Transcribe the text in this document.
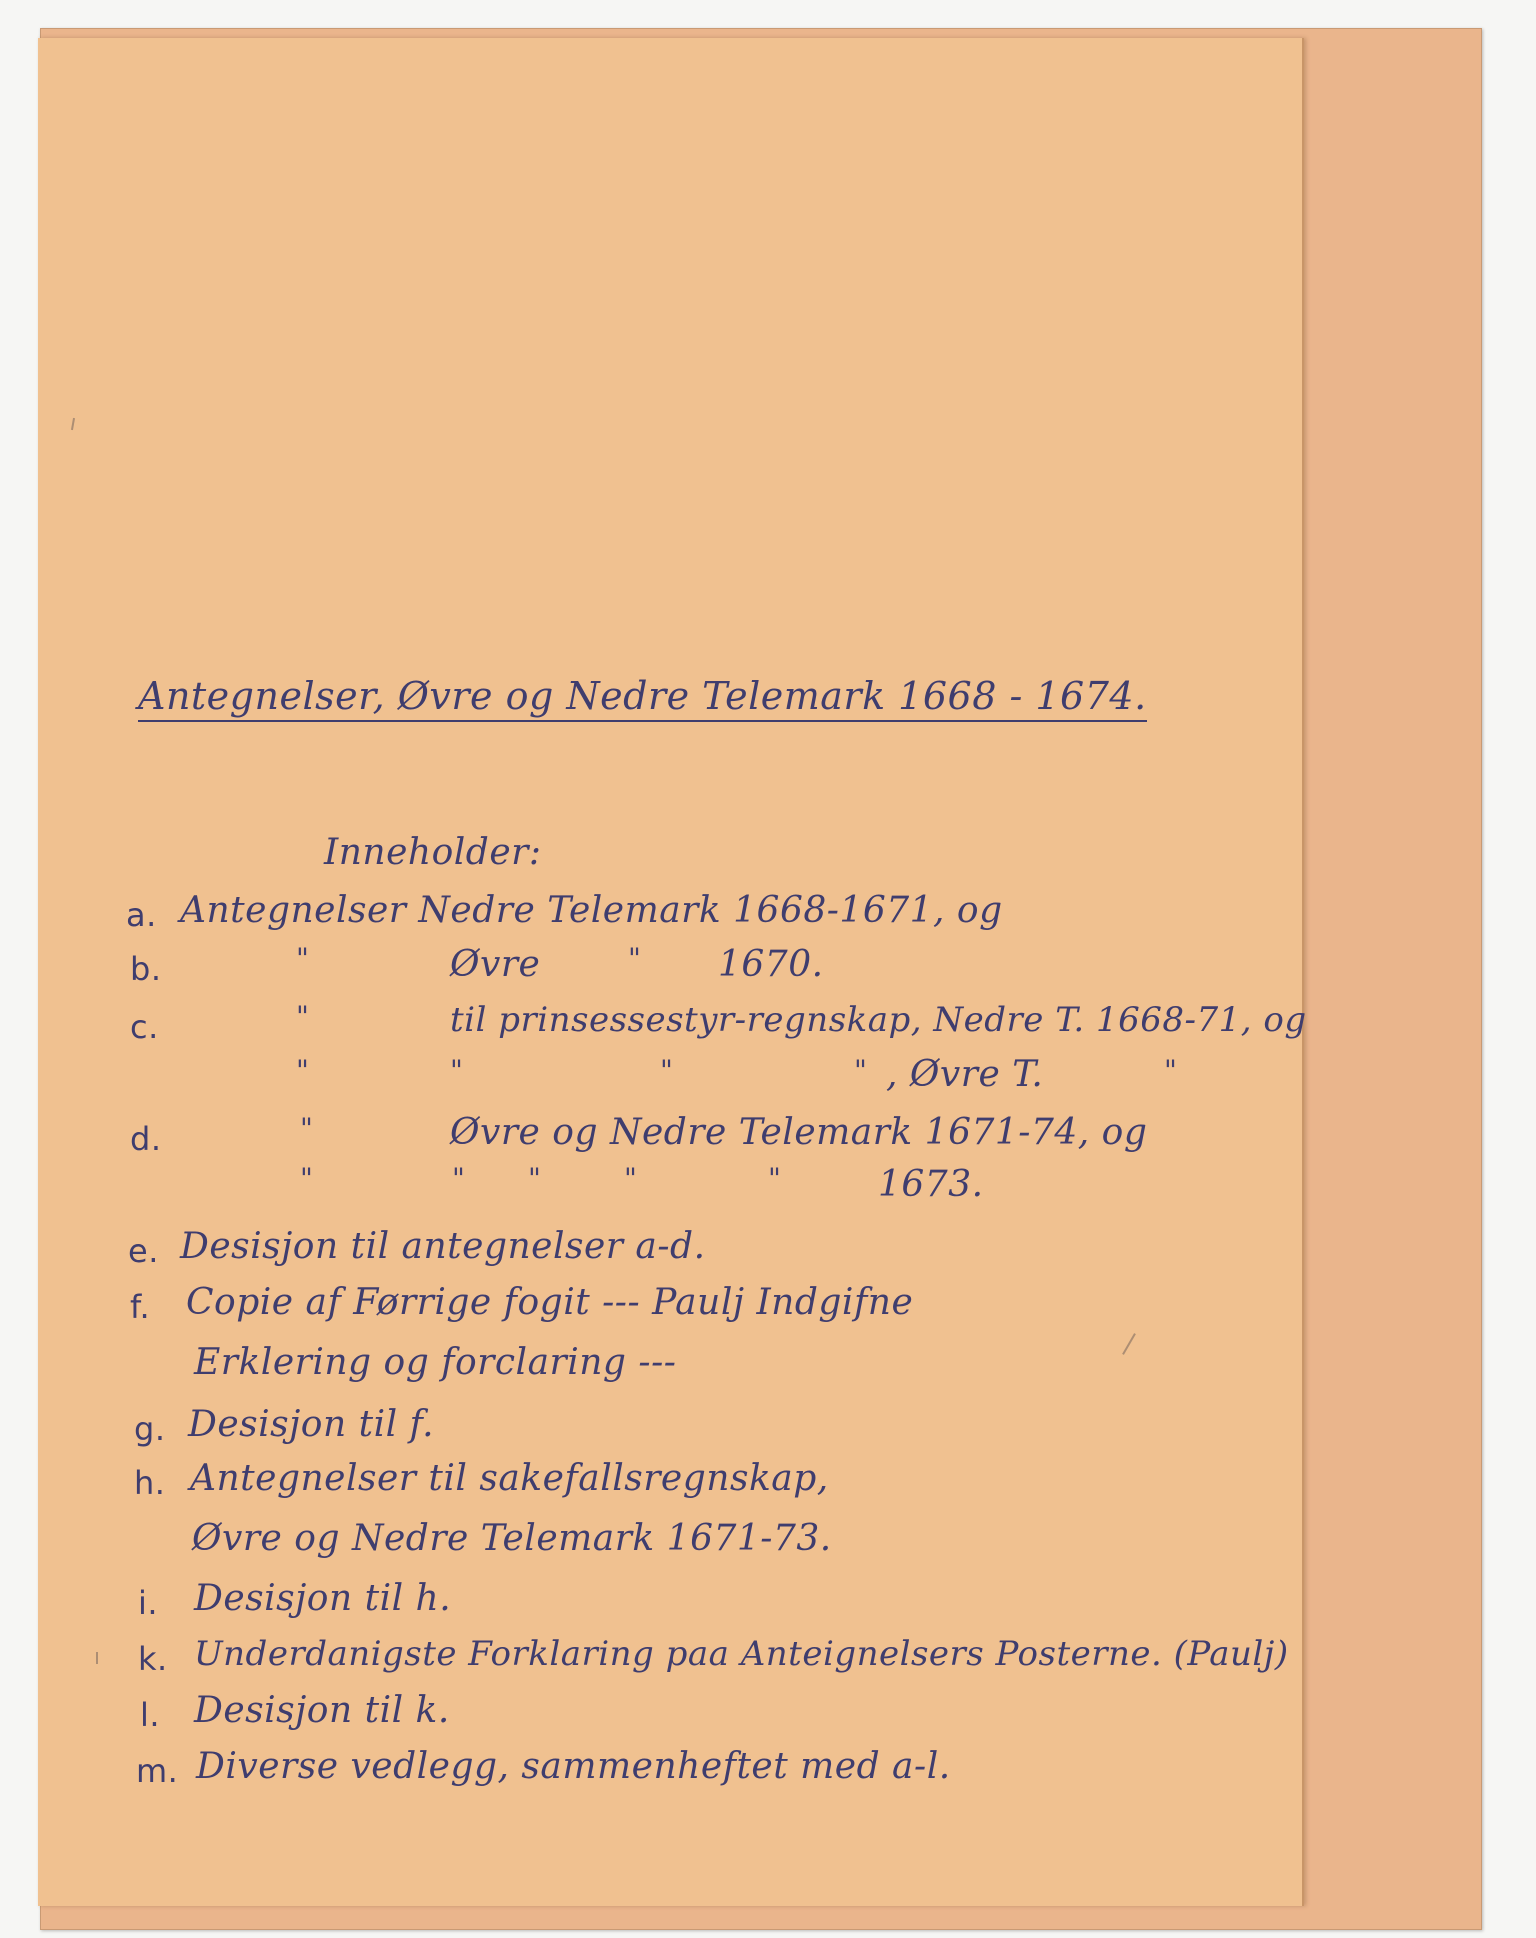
Antegnelser, Øvre og Nedre Telemark 1668 - 1674.
Inneholder:
a. Antegnelser Nedre Telemark 1668-1671, og
b.	"	Øvre	" 1670.
c.	"	til prinsessestyr-regnskap, Nedre T. 1668-71, og
"	"	"	" , Øvre T.	"
d.	"	Øvre og Nedre Telemark 1671-74, og
"	" "	"	"	1673.
e. Desisjon til antegnelser a-d.
f. Copie af Førrige fogit --- Paulj Indgifne
Erklering og forclaring ---
g. Desisjon til f.
h. Antegnelser til sakefallsregnskap,
Øvre og Nedre Telemark 1671-73.
i. Desisjon til h.
k. Underdanigste Forklaring paa Anteignelsers Posterne. (Paulj)
l. Desisjon til k.
m. Diverse vedlegg, sammenheftet med a-l.
